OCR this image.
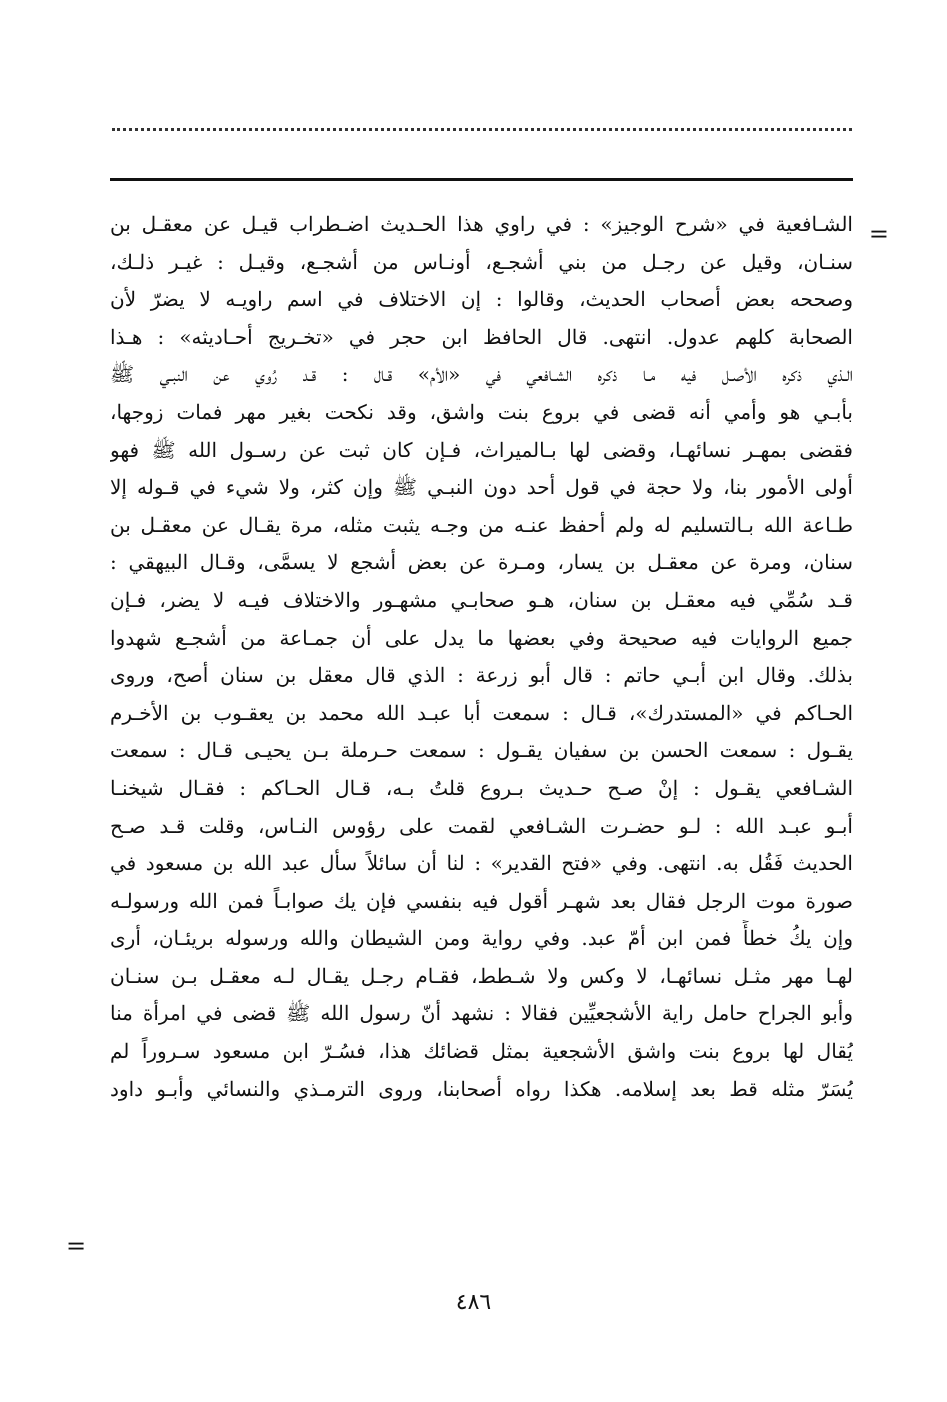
=
الشـافعية في «شرح الوجيز» : في راوي هذا الحـديث اضـطراب قيـل عن معقـل بن
سنـان، وقيل عن رجـل من بني أشجـع، أونـاس من أشجـع، وقيـل : غيـر ذلـك،
وصححه بعض أصحاب الحديث، وقالوا : إن الاختلاف في اسم راويـه لا يضرّ لأن
الصحابة كلهم عدول. انتهى. قال الحافظ ابن حجر في «تخـريج أحـاديثه» : هـذا
الـذي ذكره الأصـل فيه مـا ذكره الشـافعي في «الأم» قـال : قـد رُوي عن النبـي ﷺ
بأبـي هو وأمي أنه قضى في بروع بنت واشق، وقد نكحت بغير مهر فمات زوجها،
فقضى بمهـر نسائهـا، وقضى لها بـالميراث، فـإن كان ثبت عن رسـول الله ﷺ فهو
أولى الأمور بنا، ولا حجة في قول أحد دون النبـي ﷺ وإن كثر، ولا شيء في قـوله إلا
طـاعة الله بـالتسليم له ولم أحفظ عنـه من وجـه يثبت مثله، مرة يقـال عن معقـل بن
سنان، ومرة عن معقـل بن يسار، ومـرة عن بعض أشجع لا يسمَّى، وقـال البيهقي :
قـد سُمِّي فيه معقـل بن سنان، هـو صحابـي مشهـور والاختلاف فيـه لا يضر، فـإن
جميع الروايات فيه صحيحة وفي بعضها ما يدل على أن جمـاعة من أشجـع شهدوا
بذلك. وقال ابن أبـي حاتم : قال أبو زرعة : الذي قال معقل بن سنان أصح، وروى
الحـاكم في «المستدرك»، قـال : سمعت أبا عبـد الله محمد بن يعقـوب بن الأخـرم
يقـول : سمعت الحسن بن سفيان يقـول : سمعت حـرملة بـن يحيـى قـال : سمعت
الشـافعي يقـول : إنْ صـح حـديث بـروع قلتُ بـه، قـال الحـاكم : فقـال شيخنـا
أبـو عبـد الله : لـو حضـرت الشـافعي لقمت على رؤوس النـاس، وقلت قـد صـح
الحديث فَقُل به. انتهى. وفي «فتح القدير» : لنا أن سائلاً سأل عبد الله بن مسعود في
صورة موت الرجل فقال بعد شهـر أقول فيه بنفسي فإن يك صوابـاً فمن الله ورسولـه
وإن يكُ خطأً فمن ابن أمّ عبد. وفي رواية ومن الشيطان والله ورسوله بريئـان، أرى
لهـا مهر مثـل نسائهـا، لا وكس ولا شـطط، فقـام رجـل يقـال لـه معقـل بـن سنـان
وأبو الجراح حامل راية الأشجعيِّين فقالا : نشهد أنّ رسول الله ﷺ قضى في امرأة منا
يُقال لها بروع بنت واشق الأشجعية بمثل قضائك هذا، فسُـرّ ابن مسعود سـروراً لم
يُسَرّ مثله قط بعد إسلامه. هكذا رواه أصحابنا، وروى الترمـذي والنسائي وأبـو داود
=
٤٨٦
